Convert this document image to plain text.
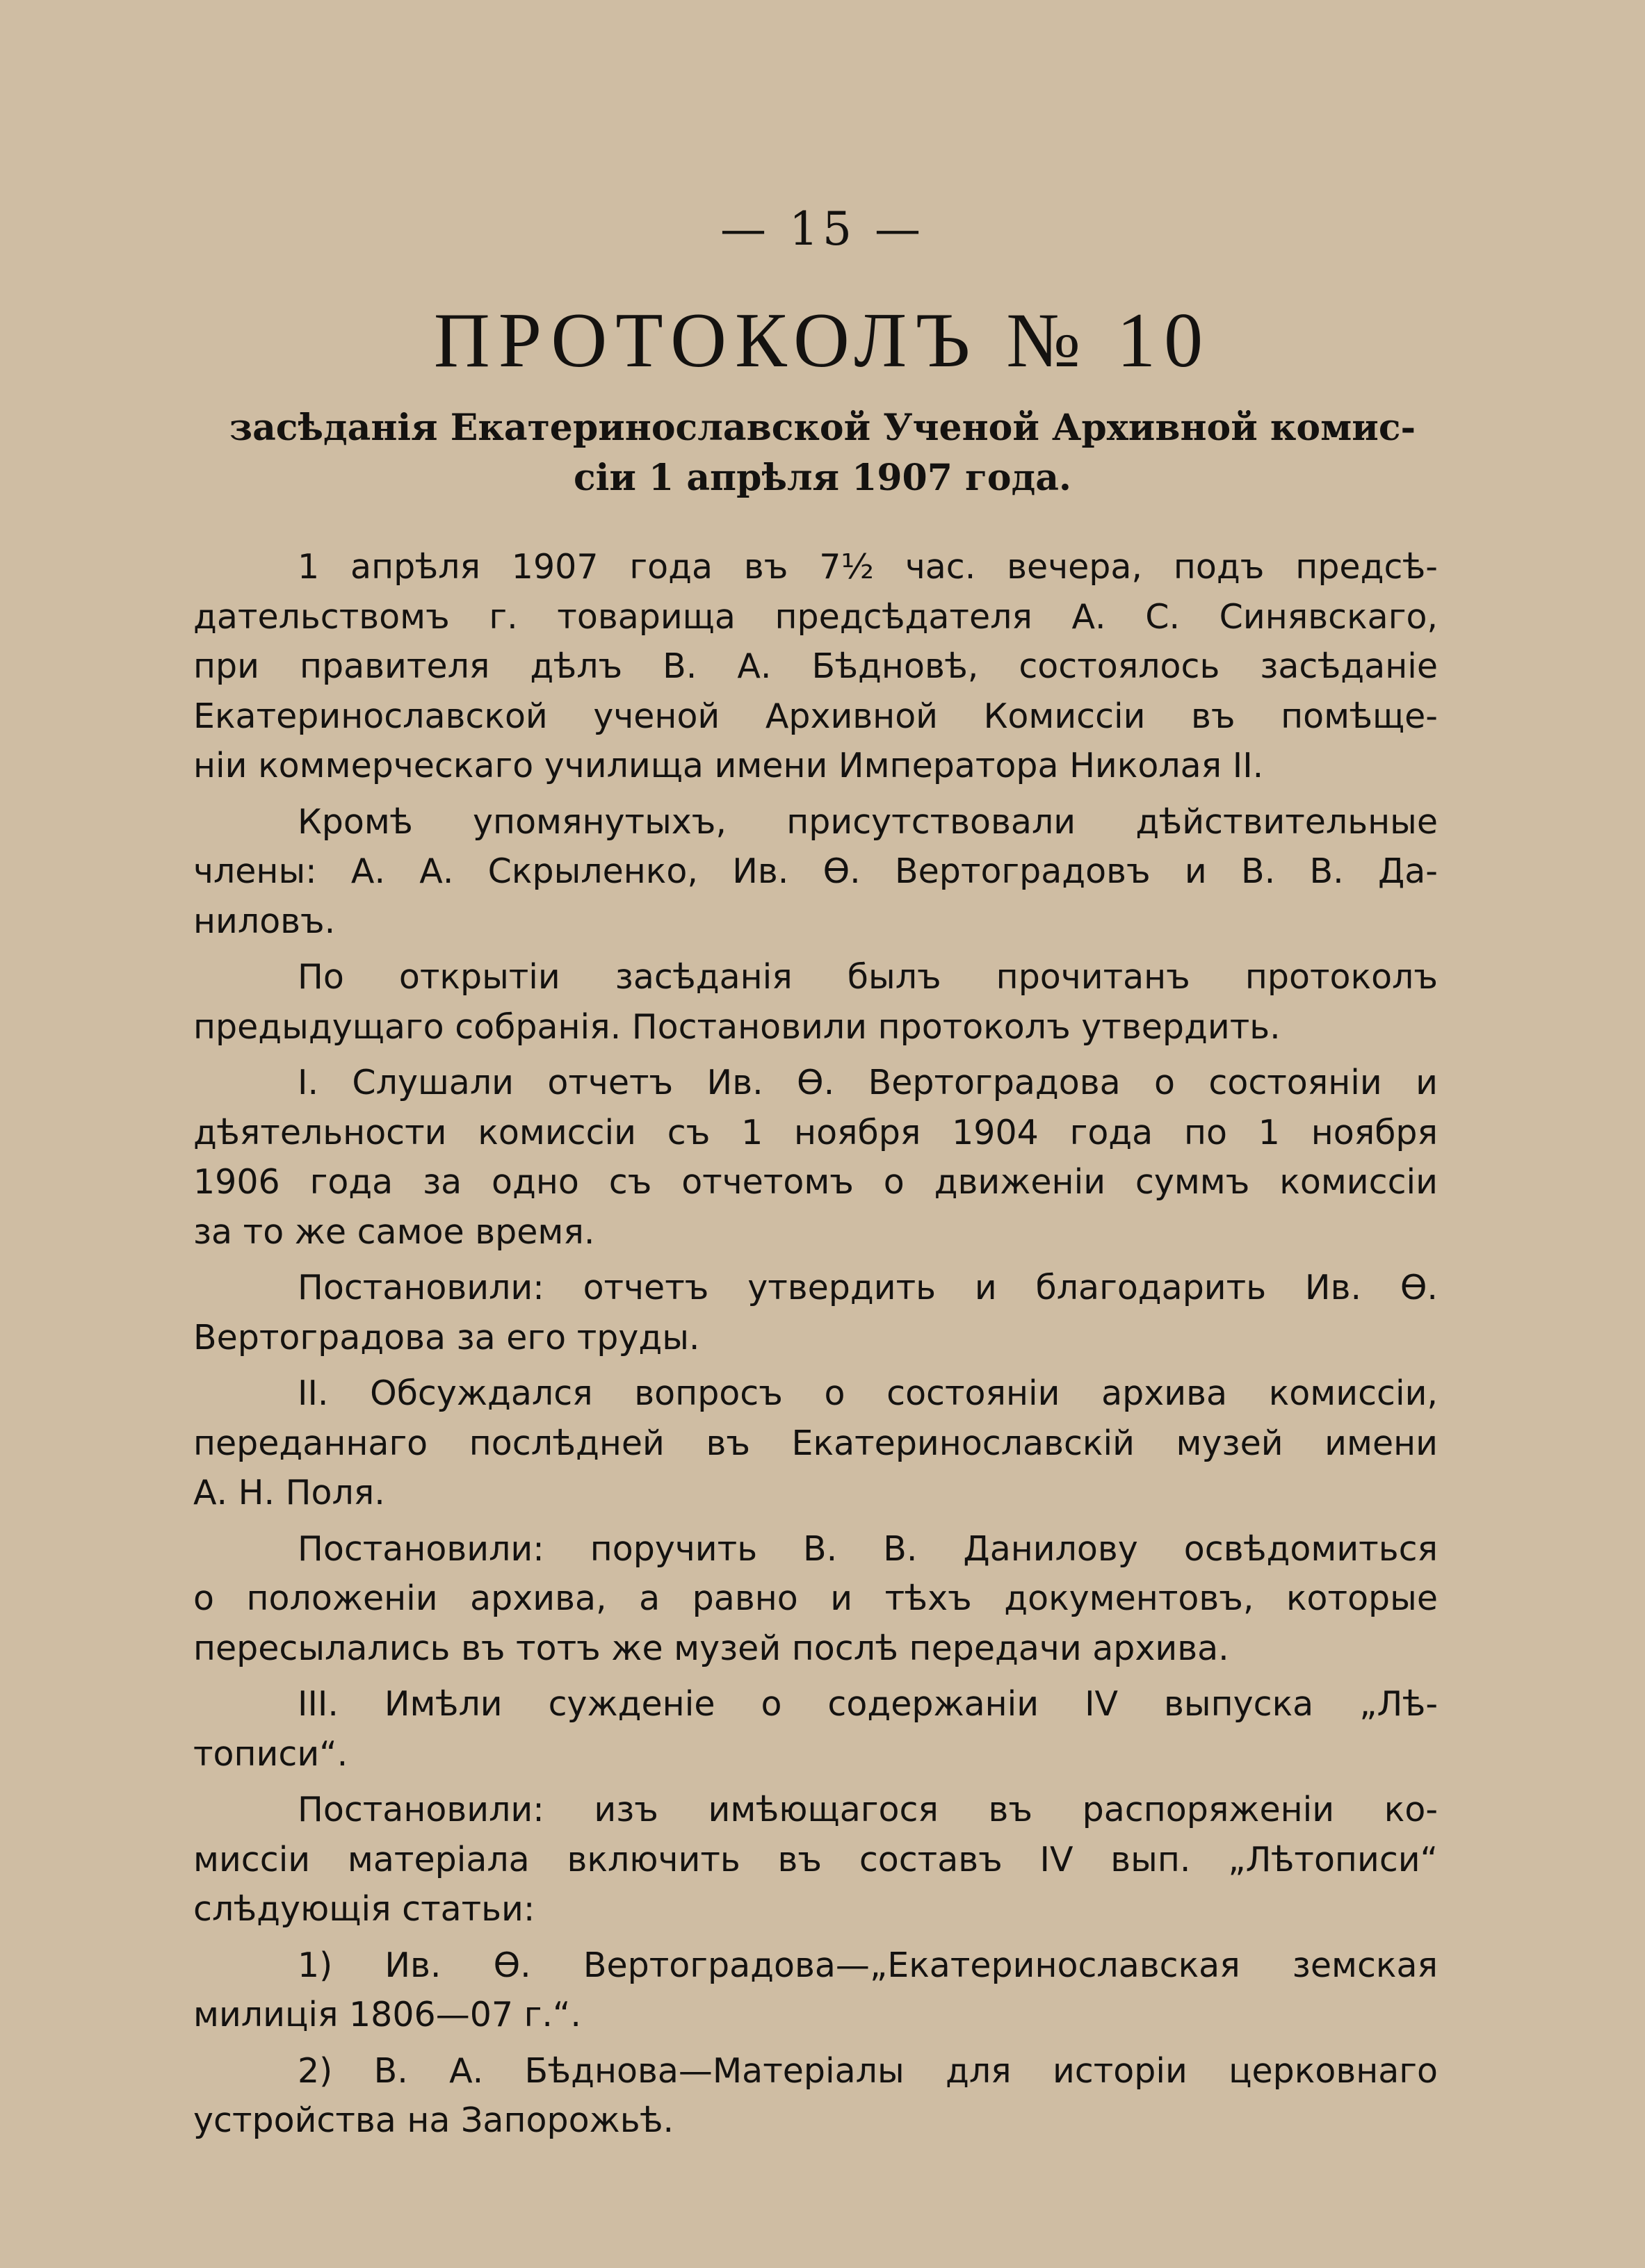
— 15 —
ПРОТОКОЛЪ № 10
засѣданія Екатеринославской Ученой Архивной комис-
сіи 1 апрѣля 1907 года.
1 апрѣля 1907 года въ 7½ час. вечера, подъ предсѣ-
дательствомъ г. товарища предсѣдателя А. С. Синявскаго,
при правителя дѣлъ В. А. Бѣдновѣ, состоялось засѣданіе
Екатеринославской ученой Архивной Комиссіи въ помѣще-
ніи коммерческаго училища имени Императора Николая II.
Кромѣ упомянутыхъ, присутствовали дѣйствительные
члены: А. А. Скрыленко, Ив. Ѳ. Вертоградовъ и В. В. Да-
ниловъ.
По открытіи засѣданія былъ прочитанъ протоколъ
предыдущаго собранія. Постановили протоколъ утвердить.
I. Слушали отчетъ Ив. Ѳ. Вертоградова о состояніи и
дѣятельности комиссіи съ 1 ноября 1904 года по 1 ноября
1906 года за одно съ отчетомъ о движеніи суммъ комиссіи
за то же самое время.
Постановили: отчетъ утвердить и благодарить Ив. Ѳ.
Вертоградова за его труды.
II. Обсуждался вопросъ о состояніи архива комиссіи,
переданнаго послѣдней въ Екатеринославскій музей имени
А. Н. Поля.
Постановили: поручить В. В. Данилову освѣдомиться
о положеніи архива, а равно и тѣхъ документовъ, которые
пересылались въ тотъ же музей послѣ передачи архива.
III. Имѣли сужденіе о содержаніи IV выпуска „Лѣ-
тописи“.
Постановили: изъ имѣющагося въ распоряженіи ко-
миссіи матеріала включить въ составъ IV вып. „Лѣтописи“
слѣдующія статьи:
1) Ив. Ѳ. Вертоградова—„Екатеринославская земская
милиція 1806—07 г.“.
2) В. А. Бѣднова—Матеріалы для исторіи церковнаго
устройства на Запорожьѣ.
